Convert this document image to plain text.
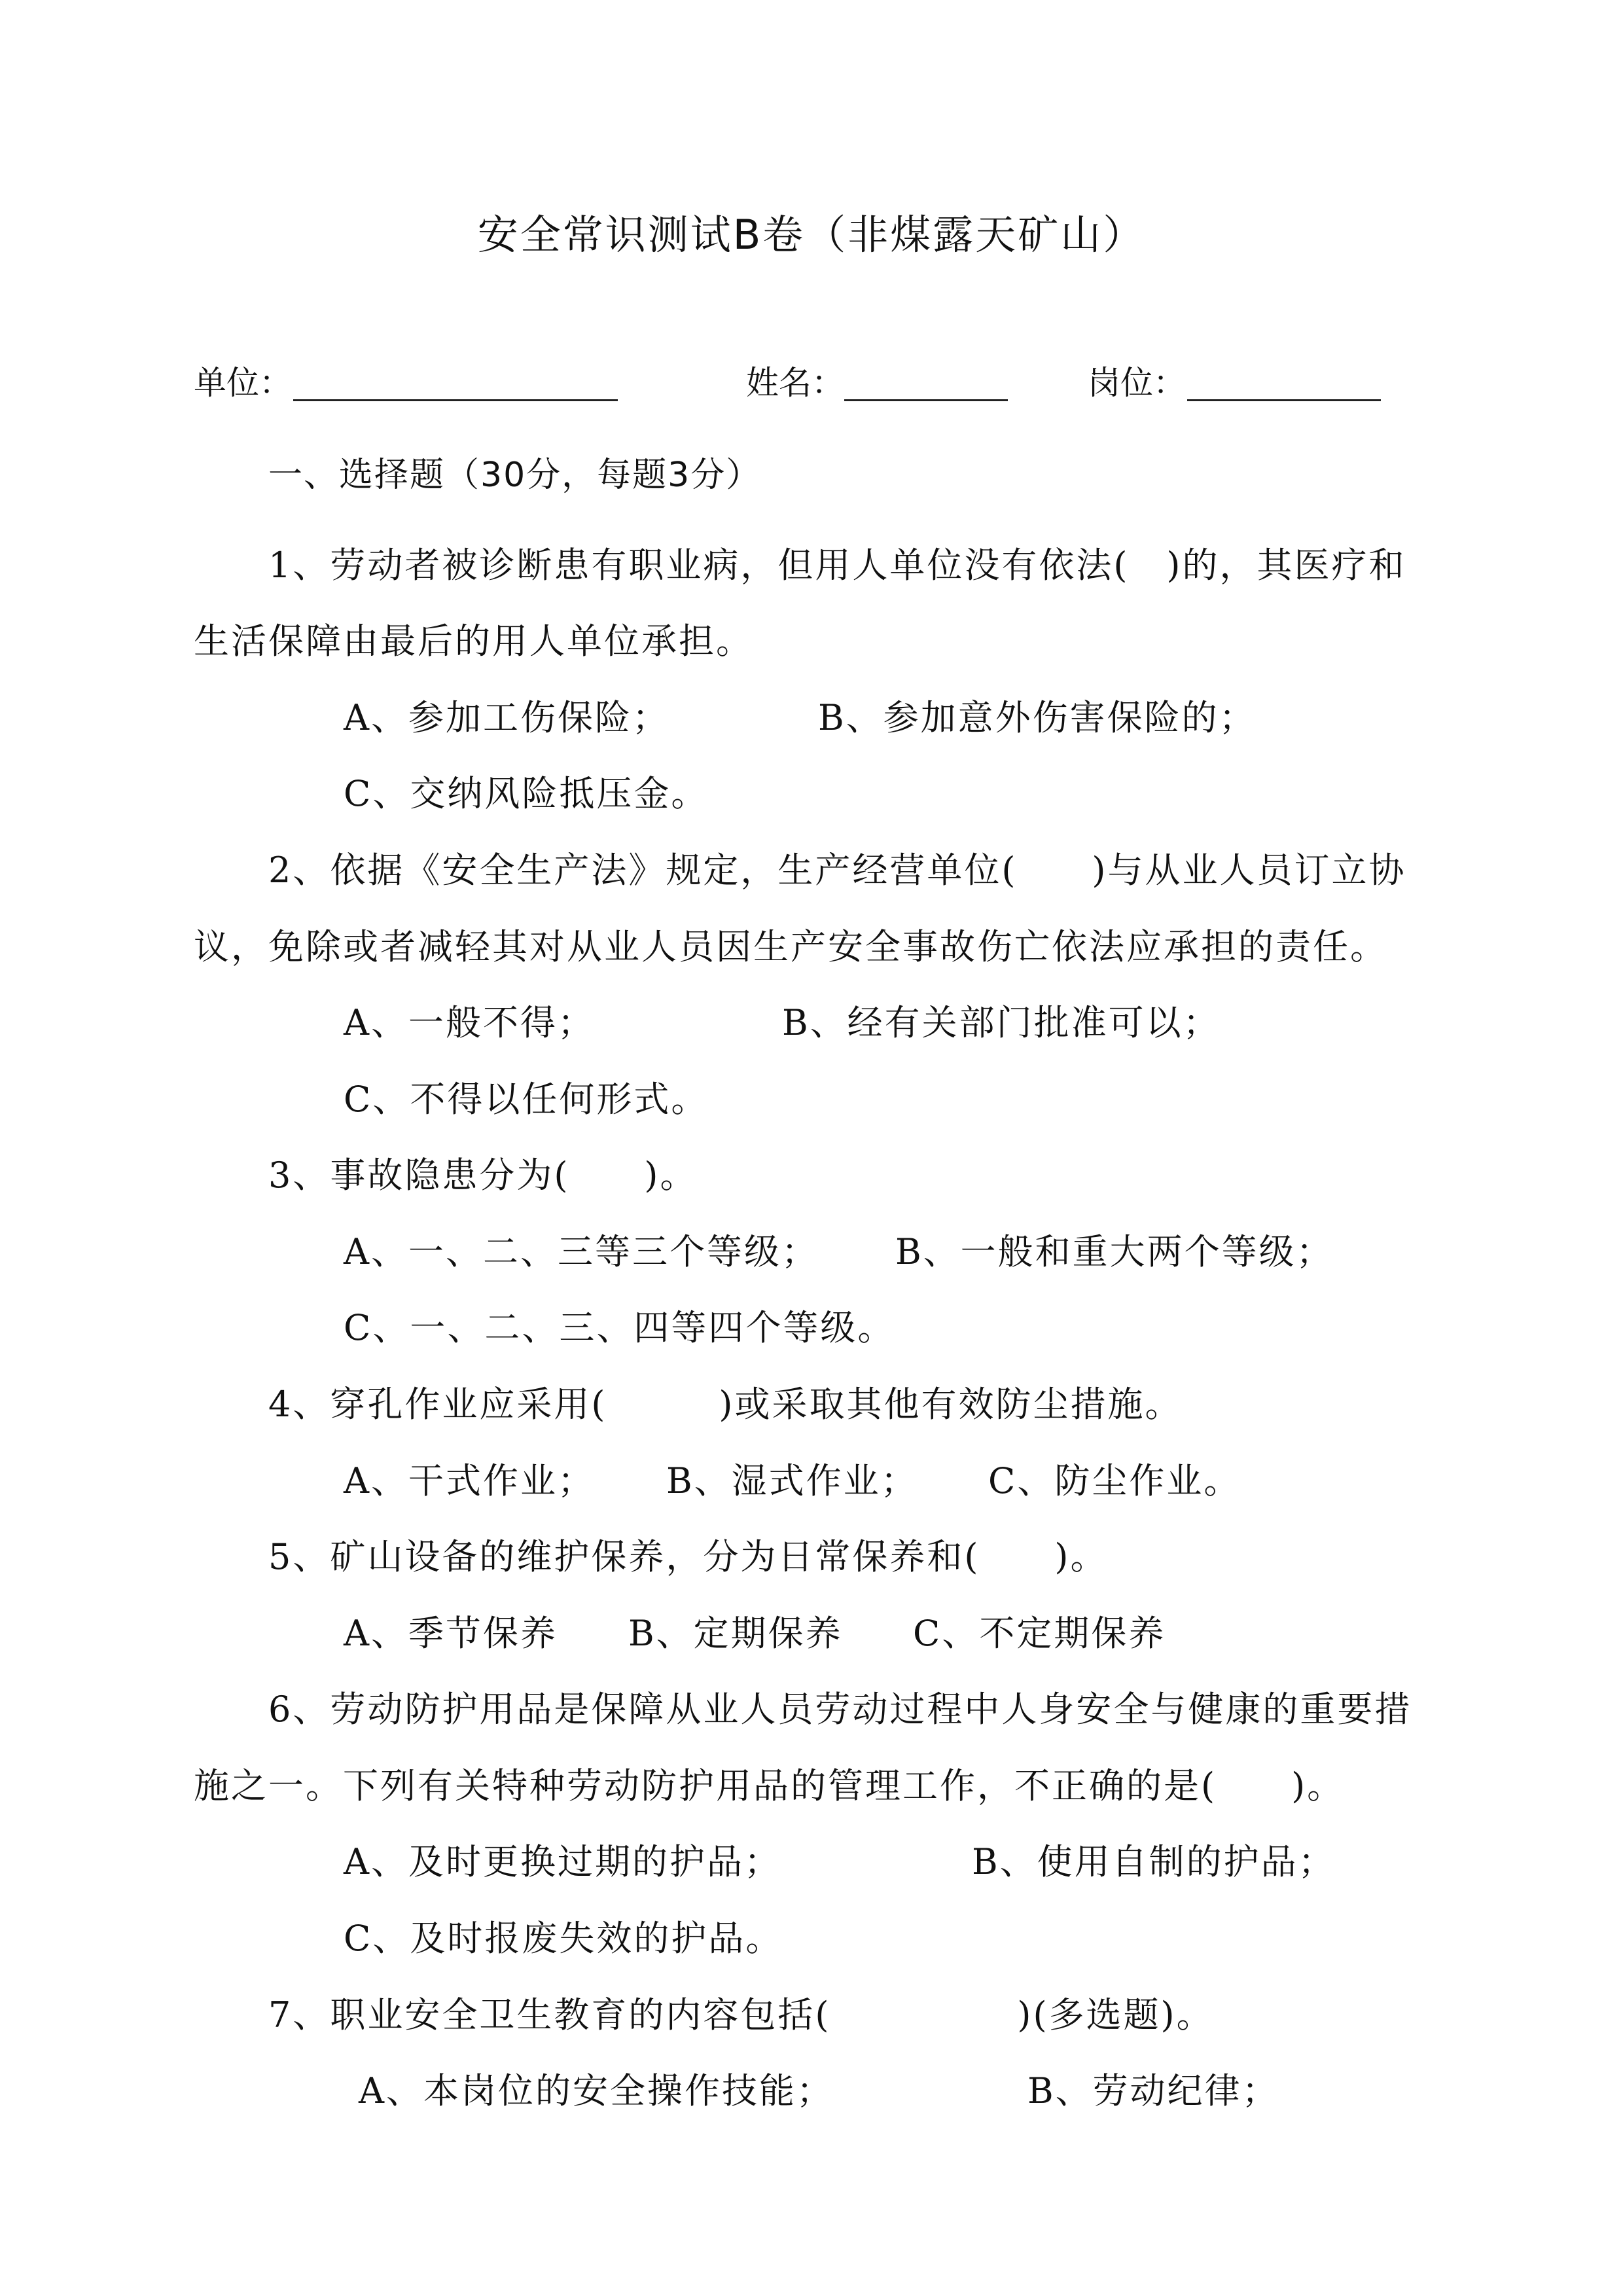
安全常识测试B卷（非煤露天矿山）
单位：	姓名：	岗位：
一、选择题（30分，每题3分）
1、劳动者被诊断患有职业病，但用人单位没有依法(　)的，其医疗和
生活保障由最后的用人单位承担。
A、参加工伤保险；	B、参加意外伤害保险的；
C、交纳风险抵压金。
2、依据《安全生产法》规定，生产经营单位(　　)与从业人员订立协
议，免除或者减轻其对从业人员因生产安全事故伤亡依法应承担的责任。
A、一般不得；	B、经有关部门批准可以；
C、不得以任何形式。
3、事故隐患分为(　　)。
A、一、二、三等三个等级； B、一般和重大两个等级；
C、一、二、三、四等四个等级。
4、穿孔作业应采用(　　　)或采取其他有效防尘措施。
A、干式作业； B、湿式作业； C、防尘作业。
5、矿山设备的维护保养，分为日常保养和(　　)。
A、季节保养 B、定期保养 C、不定期保养
6、劳动防护用品是保障从业人员劳动过程中人身安全与健康的重要措
施之一。下列有关特种劳动防护用品的管理工作，不正确的是(　　)。
A、及时更换过期的护品；	B、使用自制的护品；
C、及时报废失效的护品。
7、职业安全卫生教育的内容包括(　　　　　)(多选题)。
A、本岗位的安全操作技能；	B、劳动纪律；
